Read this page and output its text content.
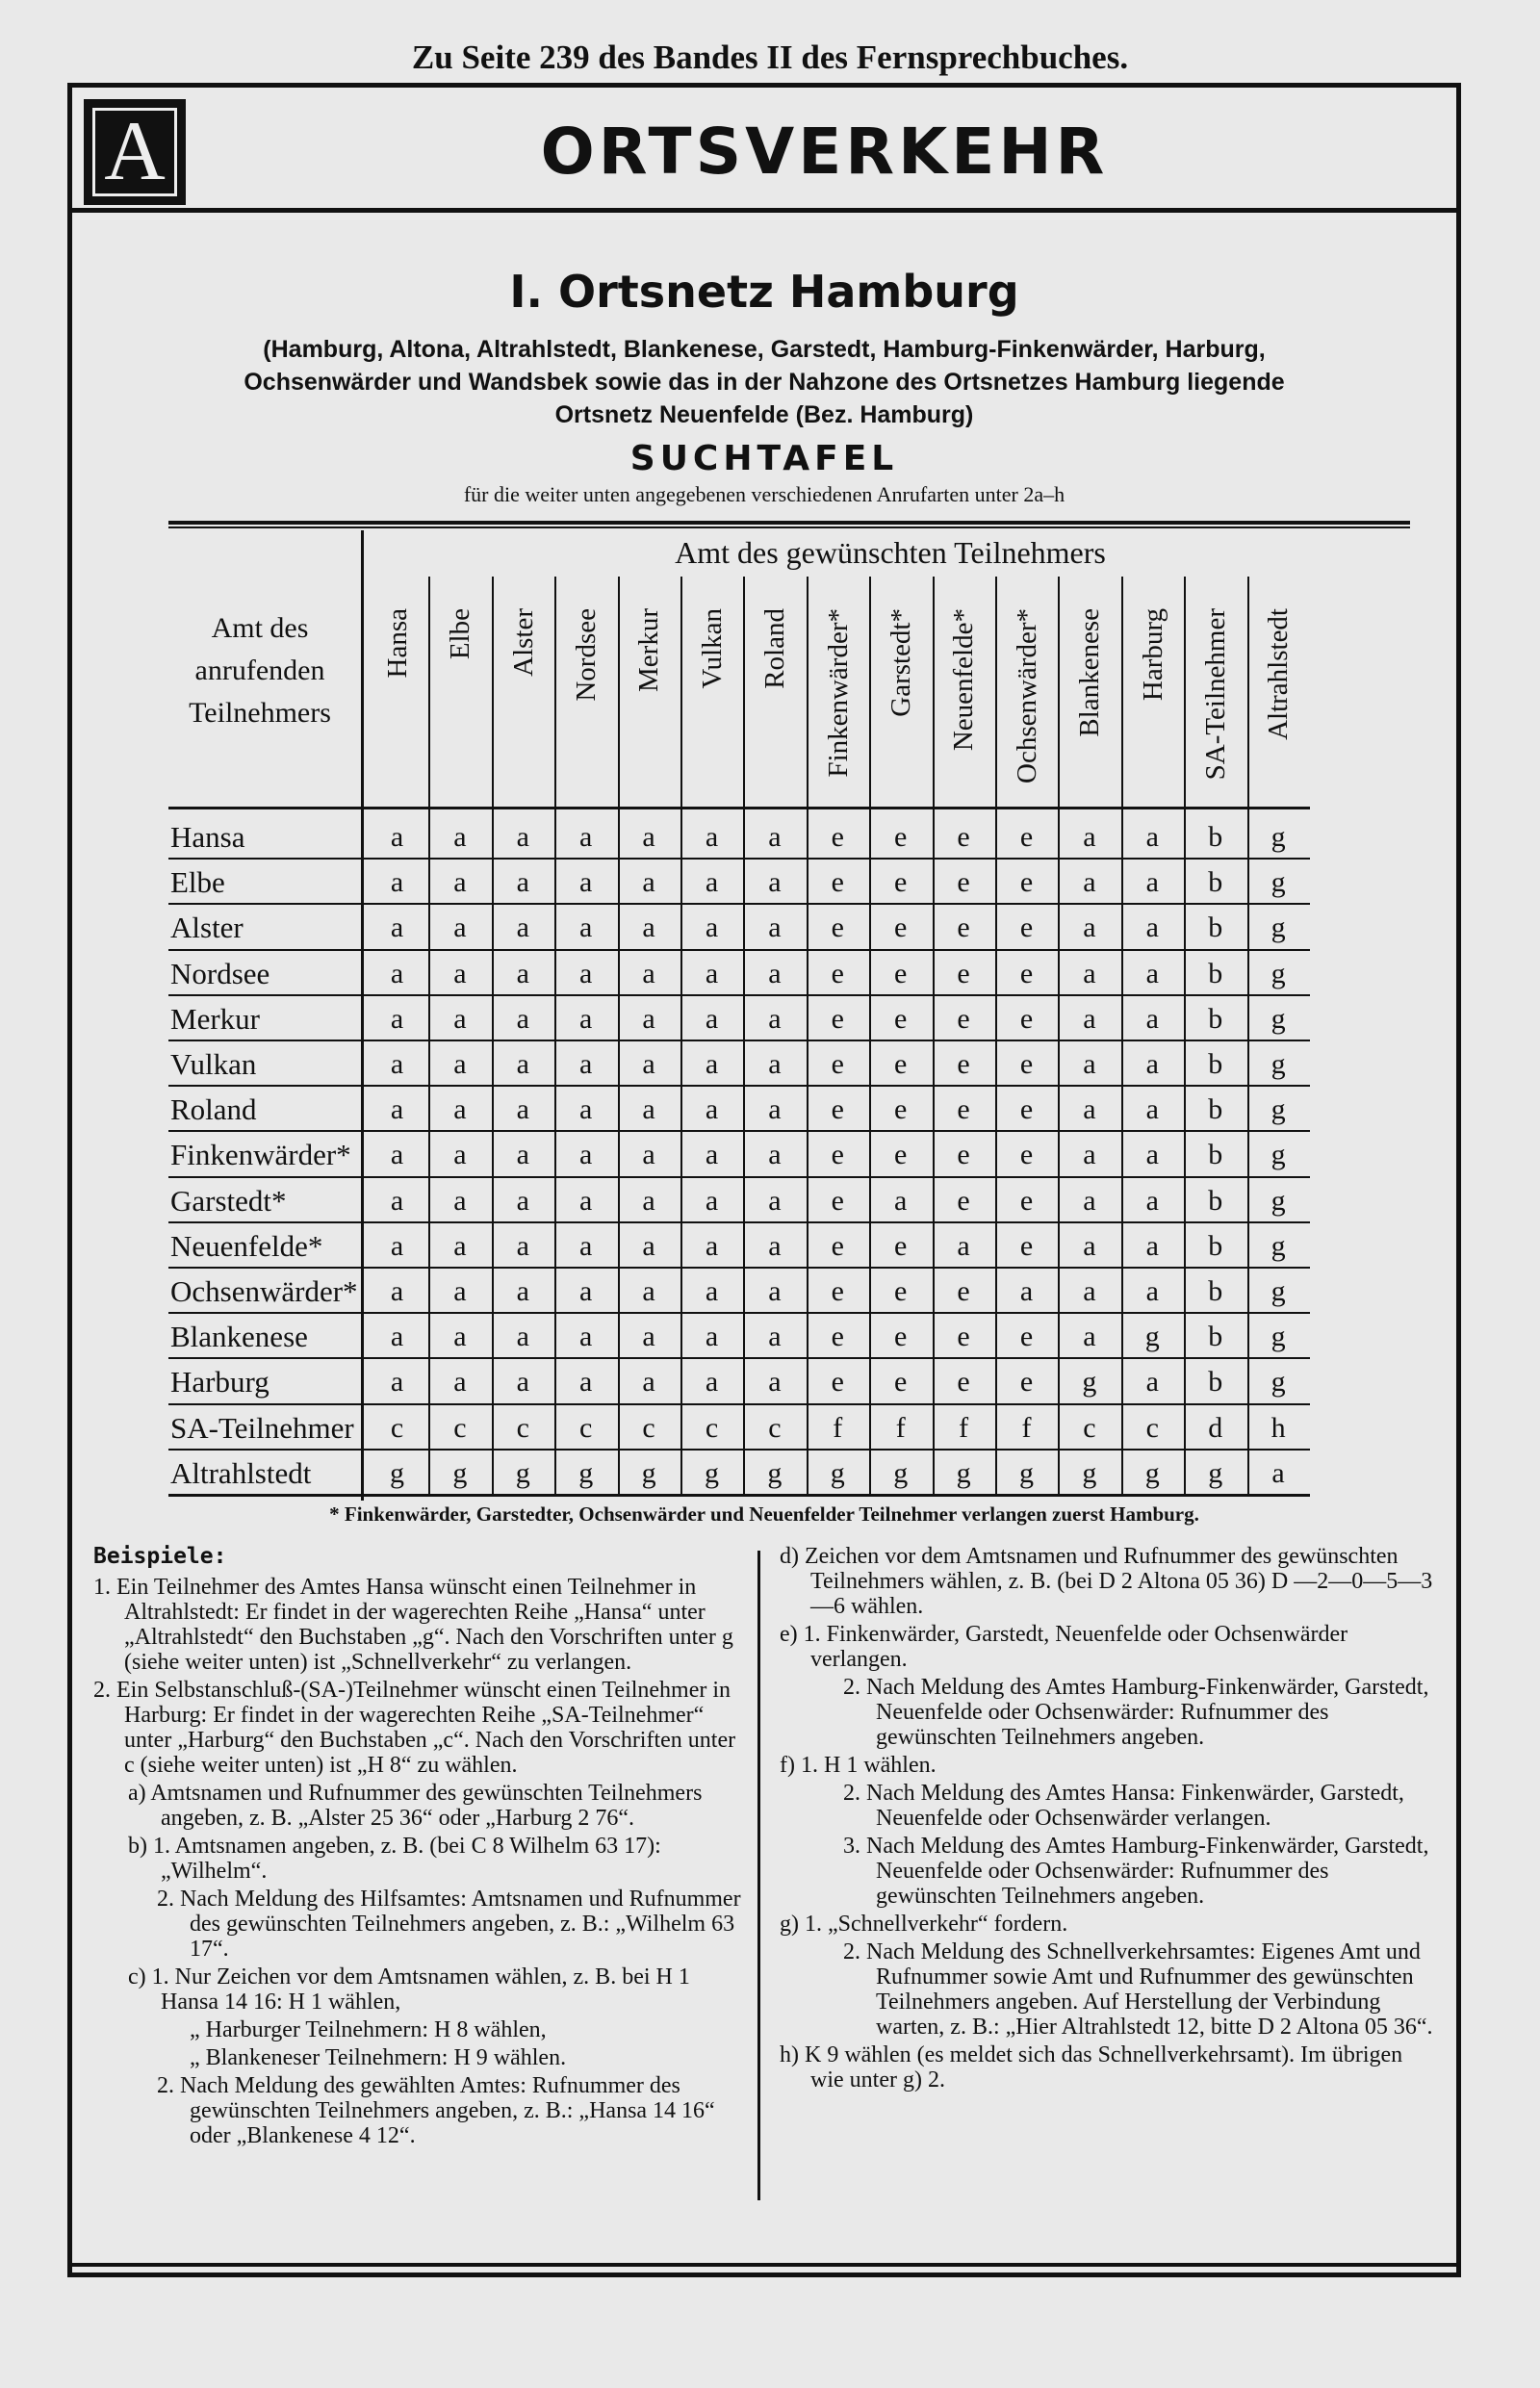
Zu Seite 239 des Bandes II des Fernsprechbuches.
A	ORTSVERKEHR
I. Ortsnetz Hamburg
(Hamburg, Altona, Altrahlstedt, Blankenese, Garstedt, Hamburg-Finkenwärder, Harburg,
Ochsenwärder und Wandsbek sowie das in der Nahzone des Ortsnetzes Hamburg liegende
Ortsnetz Neuenfelde (Bez. Hamburg)
SUCHTAFEL
für die weiter unten angegebenen verschiedenen Anrufarten unter 2a–h
Amt des
anrufenden
Teilnehmers
Amt des gewünschten Teilnehmers
Hansa Elbe Alster Nordsee Merkur Vulkan Roland Finkenwärder* Garstedt* Neuenfelde* Ochsenwärder* Blankenese Harburg SA-Teilnehmer Altrahlstedt
Hansa	a	a	a	a	a	a	a	e	e	e	e	a	a	b	g
Elbe	a	a	a	a	a	a	a	e	e	e	e	a	a	b	g
Alster	a	a	a	a	a	a	a	e	e	e	e	a	a	b	g
Nordsee	a	a	a	a	a	a	a	e	e	e	e	a	a	b	g
Merkur	a	a	a	a	a	a	a	e	e	e	e	a	a	b	g
Vulkan	a	a	a	a	a	a	a	e	e	e	e	a	a	b	g
Roland	a	a	a	a	a	a	a	e	e	e	e	a	a	b	g
Finkenwärder*	a	a	a	a	a	a	a	e	e	e	e	a	a	b	g
Garstedt*	a	a	a	a	a	a	a	e	a	e	e	a	a	b	g
Neuenfelde*	a	a	a	a	a	a	a	e	e	a	e	a	a	b	g
Ochsenwärder*	a	a	a	a	a	a	a	e	e	e	a	a	a	b	g
Blankenese	a	a	a	a	a	a	a	e	e	e	e	a	g	b	g
Harburg	a	a	a	a	a	a	a	e	e	e	e	g	a	b	g
SA-Teilnehmer	c	c	c	c	c	c	c	f	f	f	f	c	c	d	h
Altrahlstedt	g	g	g	g	g	g	g	g	g	g	g	g	g	g	a
* Finkenwärder, Garstedter, Ochsenwärder und Neuenfelder Teilnehmer verlangen zuerst Hamburg.

Beispiele:

1. Ein Teilnehmer des Amtes Hansa wünscht einen Teilnehmer in Altrahlstedt: Er findet in der wagerechten Reihe „Hansa“ unter „Altrahlstedt“ den Buchstaben „g“. Nach den Vorschriften unter g (siehe weiter unten) ist „Schnellverkehr“ zu verlangen.

2. Ein Selbstanschluß-(SA-)Teilnehmer wünscht einen Teilnehmer in Harburg: Er findet in der wagerechten Reihe „SA-Teilnehmer“ unter „Harburg“ den Buchstaben „c“. Nach den Vorschriften unter c (siehe weiter unten) ist „H 8“ zu wählen.

a) Amtsnamen und Rufnummer des gewünschten Teilnehmers angeben, z. B. „Alster 25 36“ oder „Harburg 2 76“.

b) 1. Amtsnamen angeben, z. B. (bei C 8 Wilhelm 63 17): „Wilhelm“.

2. Nach Meldung des Hilfsamtes: Amtsnamen und Rufnummer des gewünschten Teilnehmers angeben, z. B.: „Wilhelm 63 17“.

c) 1. Nur Zeichen vor dem Amtsnamen wählen, z. B. bei H 1 Hansa 14 16: H 1 wählen,

„ Harburger Teilnehmern: H 8 wählen,

„ Blankeneser Teilnehmern: H 9 wählen.

2. Nach Meldung des gewählten Amtes: Rufnummer des gewünschten Teilnehmers angeben, z. B.: „Hansa 14 16“ oder „Blankenese 4 12“.

d) Zeichen vor dem Amtsnamen und Rufnummer des gewünschten Teilnehmers wählen, z. B. (bei D 2 Altona 05 36) D —2—0—5—3—6 wählen.

e) 1. Finkenwärder, Garstedt, Neuenfelde oder Ochsenwärder verlangen.

2. Nach Meldung des Amtes Hamburg-Finkenwärder, Garstedt, Neuenfelde oder Ochsenwärder: Rufnummer des gewünschten Teilnehmers angeben.

f) 1. H 1 wählen.

2. Nach Meldung des Amtes Hansa: Finkenwärder, Garstedt, Neuenfelde oder Ochsenwärder verlangen.

3. Nach Meldung des Amtes Hamburg-Finkenwärder, Garstedt, Neuenfelde oder Ochsenwärder: Rufnummer des gewünschten Teilnehmers angeben.

g) 1. „Schnellverkehr“ fordern.

2. Nach Meldung des Schnellverkehrsamtes: Eigenes Amt und Rufnummer sowie Amt und Rufnummer des gewünschten Teilnehmers angeben. Auf Herstellung der Verbindung warten, z. B.: „Hier Altrahlstedt 12, bitte D 2 Altona 05 36“.

h) K 9 wählen (es meldet sich das Schnellverkehrsamt). Im übrigen wie unter g) 2.
